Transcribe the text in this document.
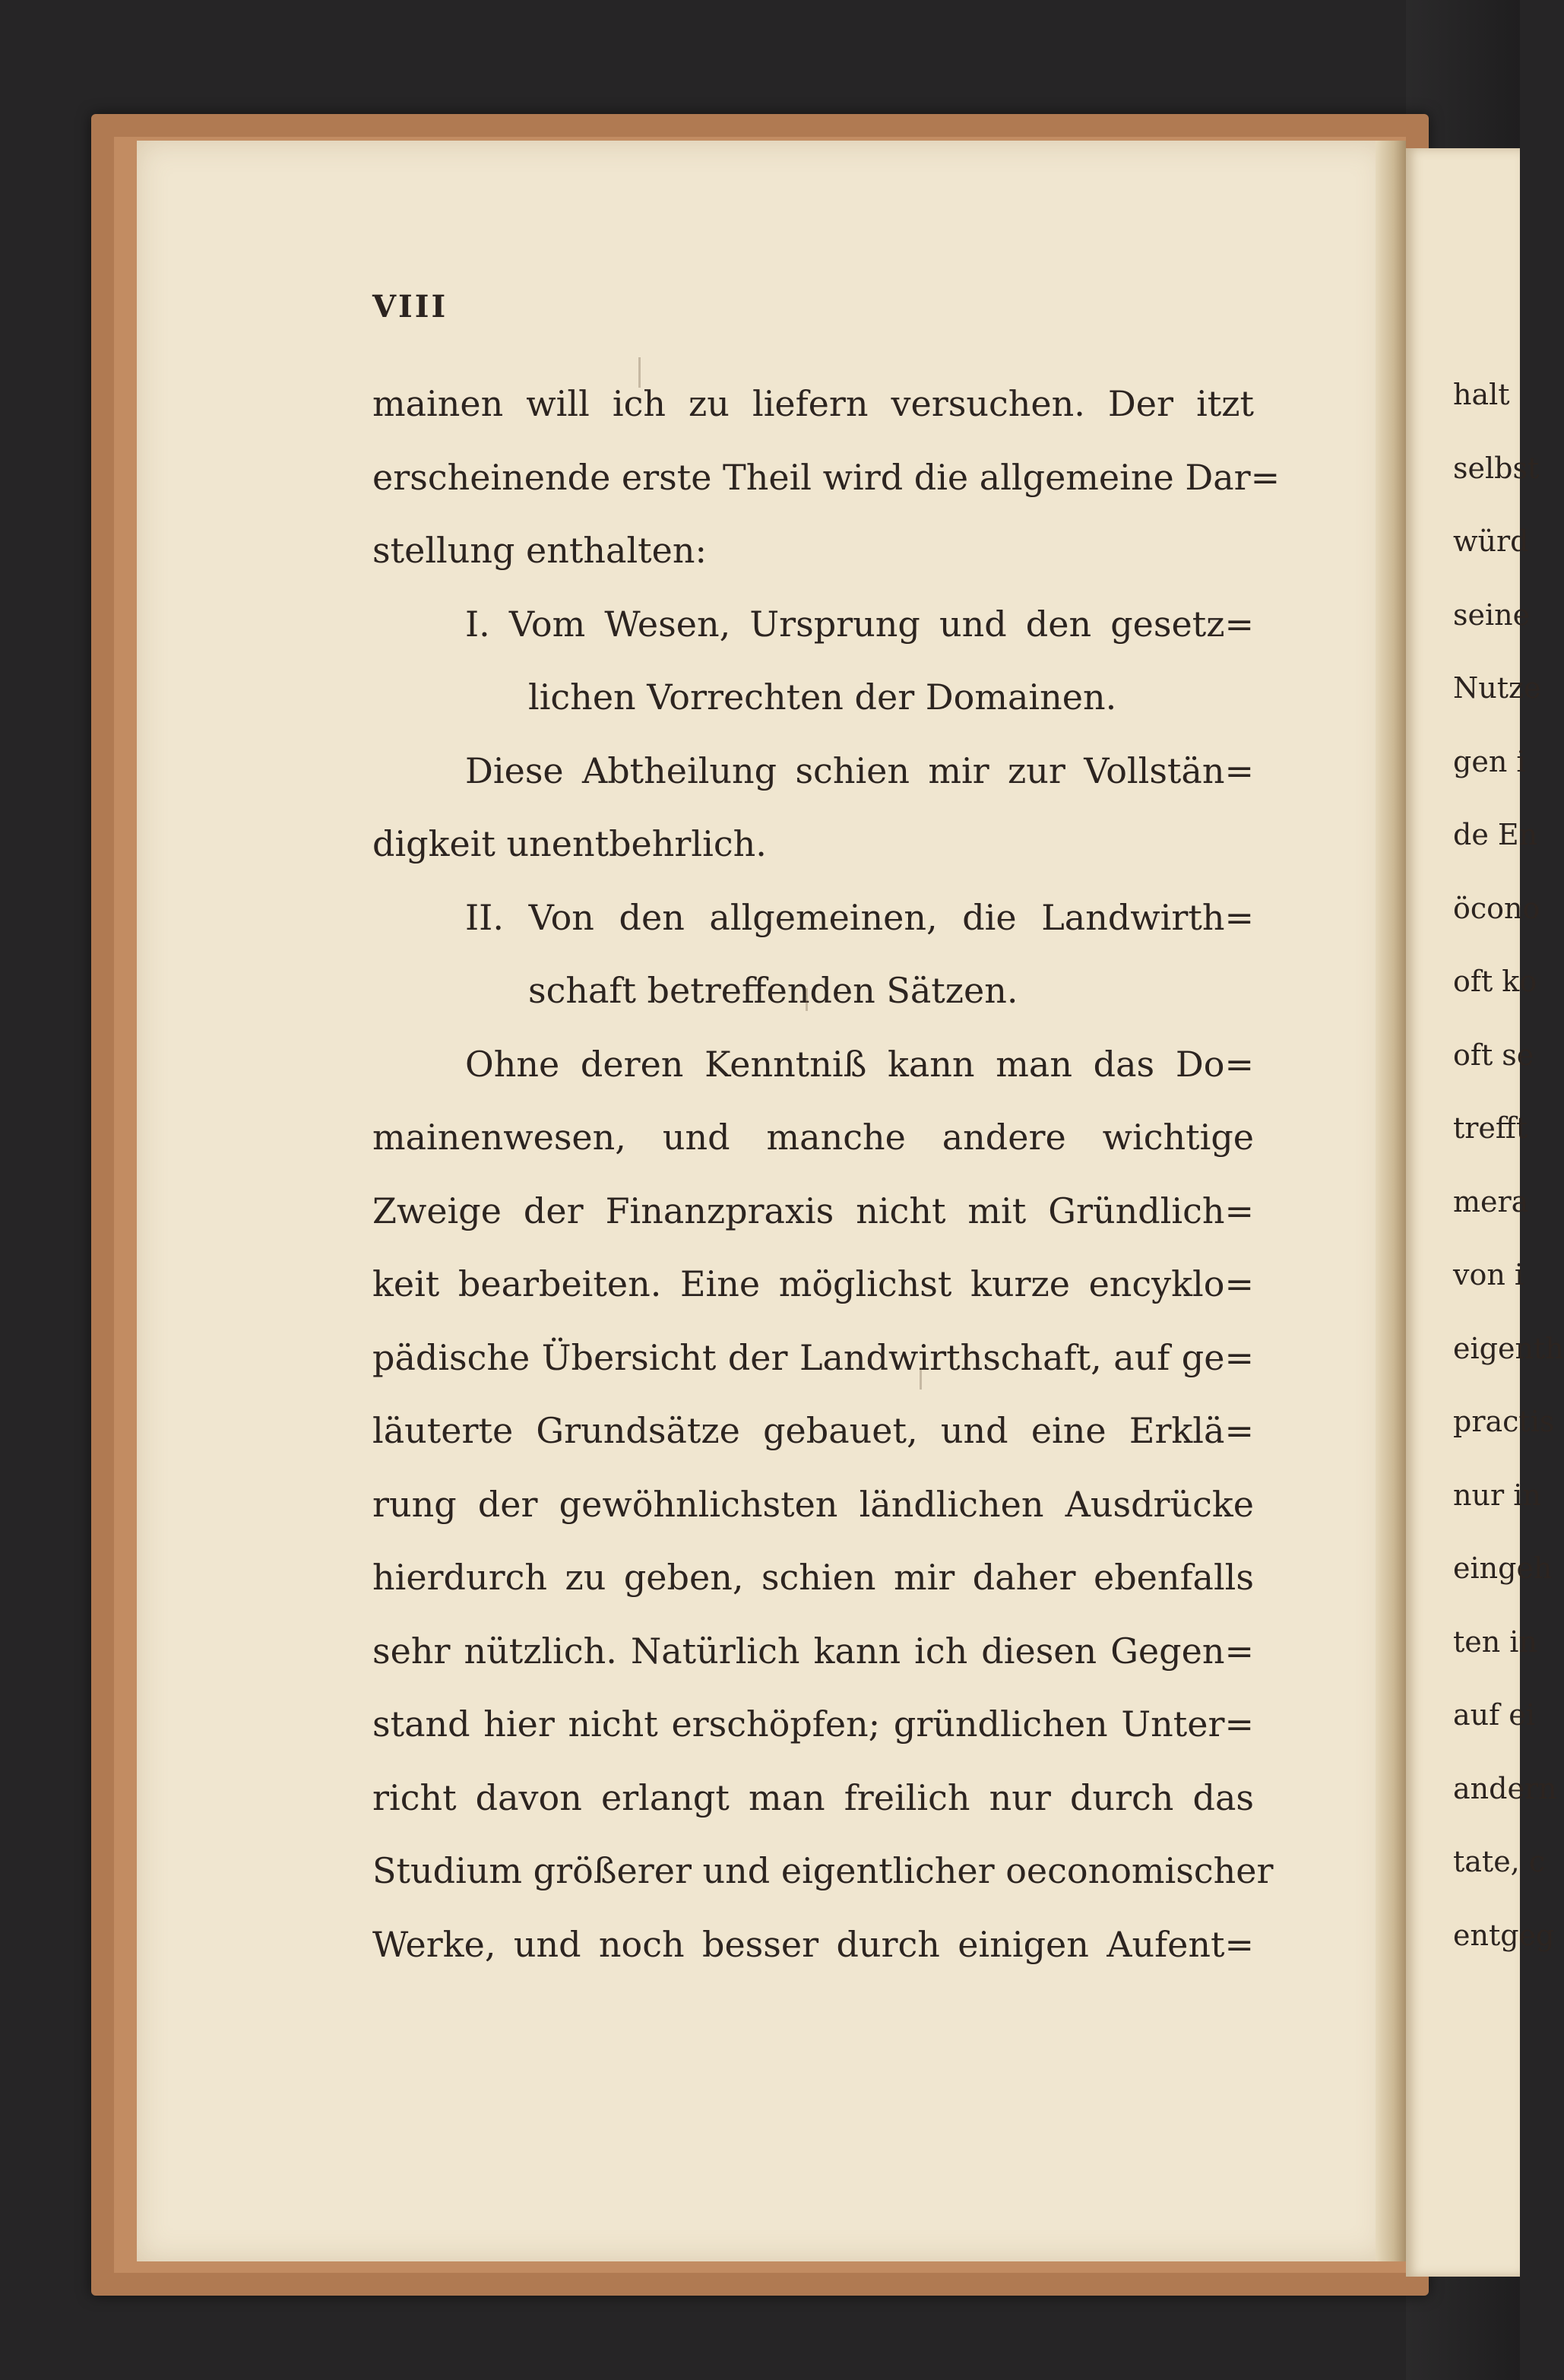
VIII
mainen will ich zu liefern versuchen. Der itzt
erscheinende erste Theil wird die allgemeine Dar=
stellung enthalten:
I. Vom Wesen, Ursprung und den gesetz=
lichen Vorrechten der Domainen.
Diese Abtheilung schien mir zur Vollstän=
digkeit unentbehrlich.
II. Von den allgemeinen, die Landwirth=
schaft betreffenden Sätzen.
Ohne deren Kenntniß kann man das Do=
mainenwesen, und manche andere wichtige
Zweige der Finanzpraxis nicht mit Gründlich=
keit bearbeiten. Eine möglichst kurze encyklo=
pädische Übersicht der Landwirthschaft, auf ge=
läuterte Grundsätze gebauet, und eine Erklä=
rung der gewöhnlichsten ländlichen Ausdrücke
hierdurch zu geben, schien mir daher ebenfalls
sehr nützlich. Natürlich kann ich diesen Gegen=
stand hier nicht erschöpfen; gründlichen Unter=
richt davon erlangt man freilich nur durch das
Studium größerer und eigentlicher oeconomischer
Werke, und noch besser durch einigen Aufent=
halt
selbst
würd
seine
Nutze
gen i
de En
öcono
oft ko
oft se
trefft
mera
von i
eigenth
practis
nur in
eingeh
ten in
auf ei
andern
tate, c
entgeg
